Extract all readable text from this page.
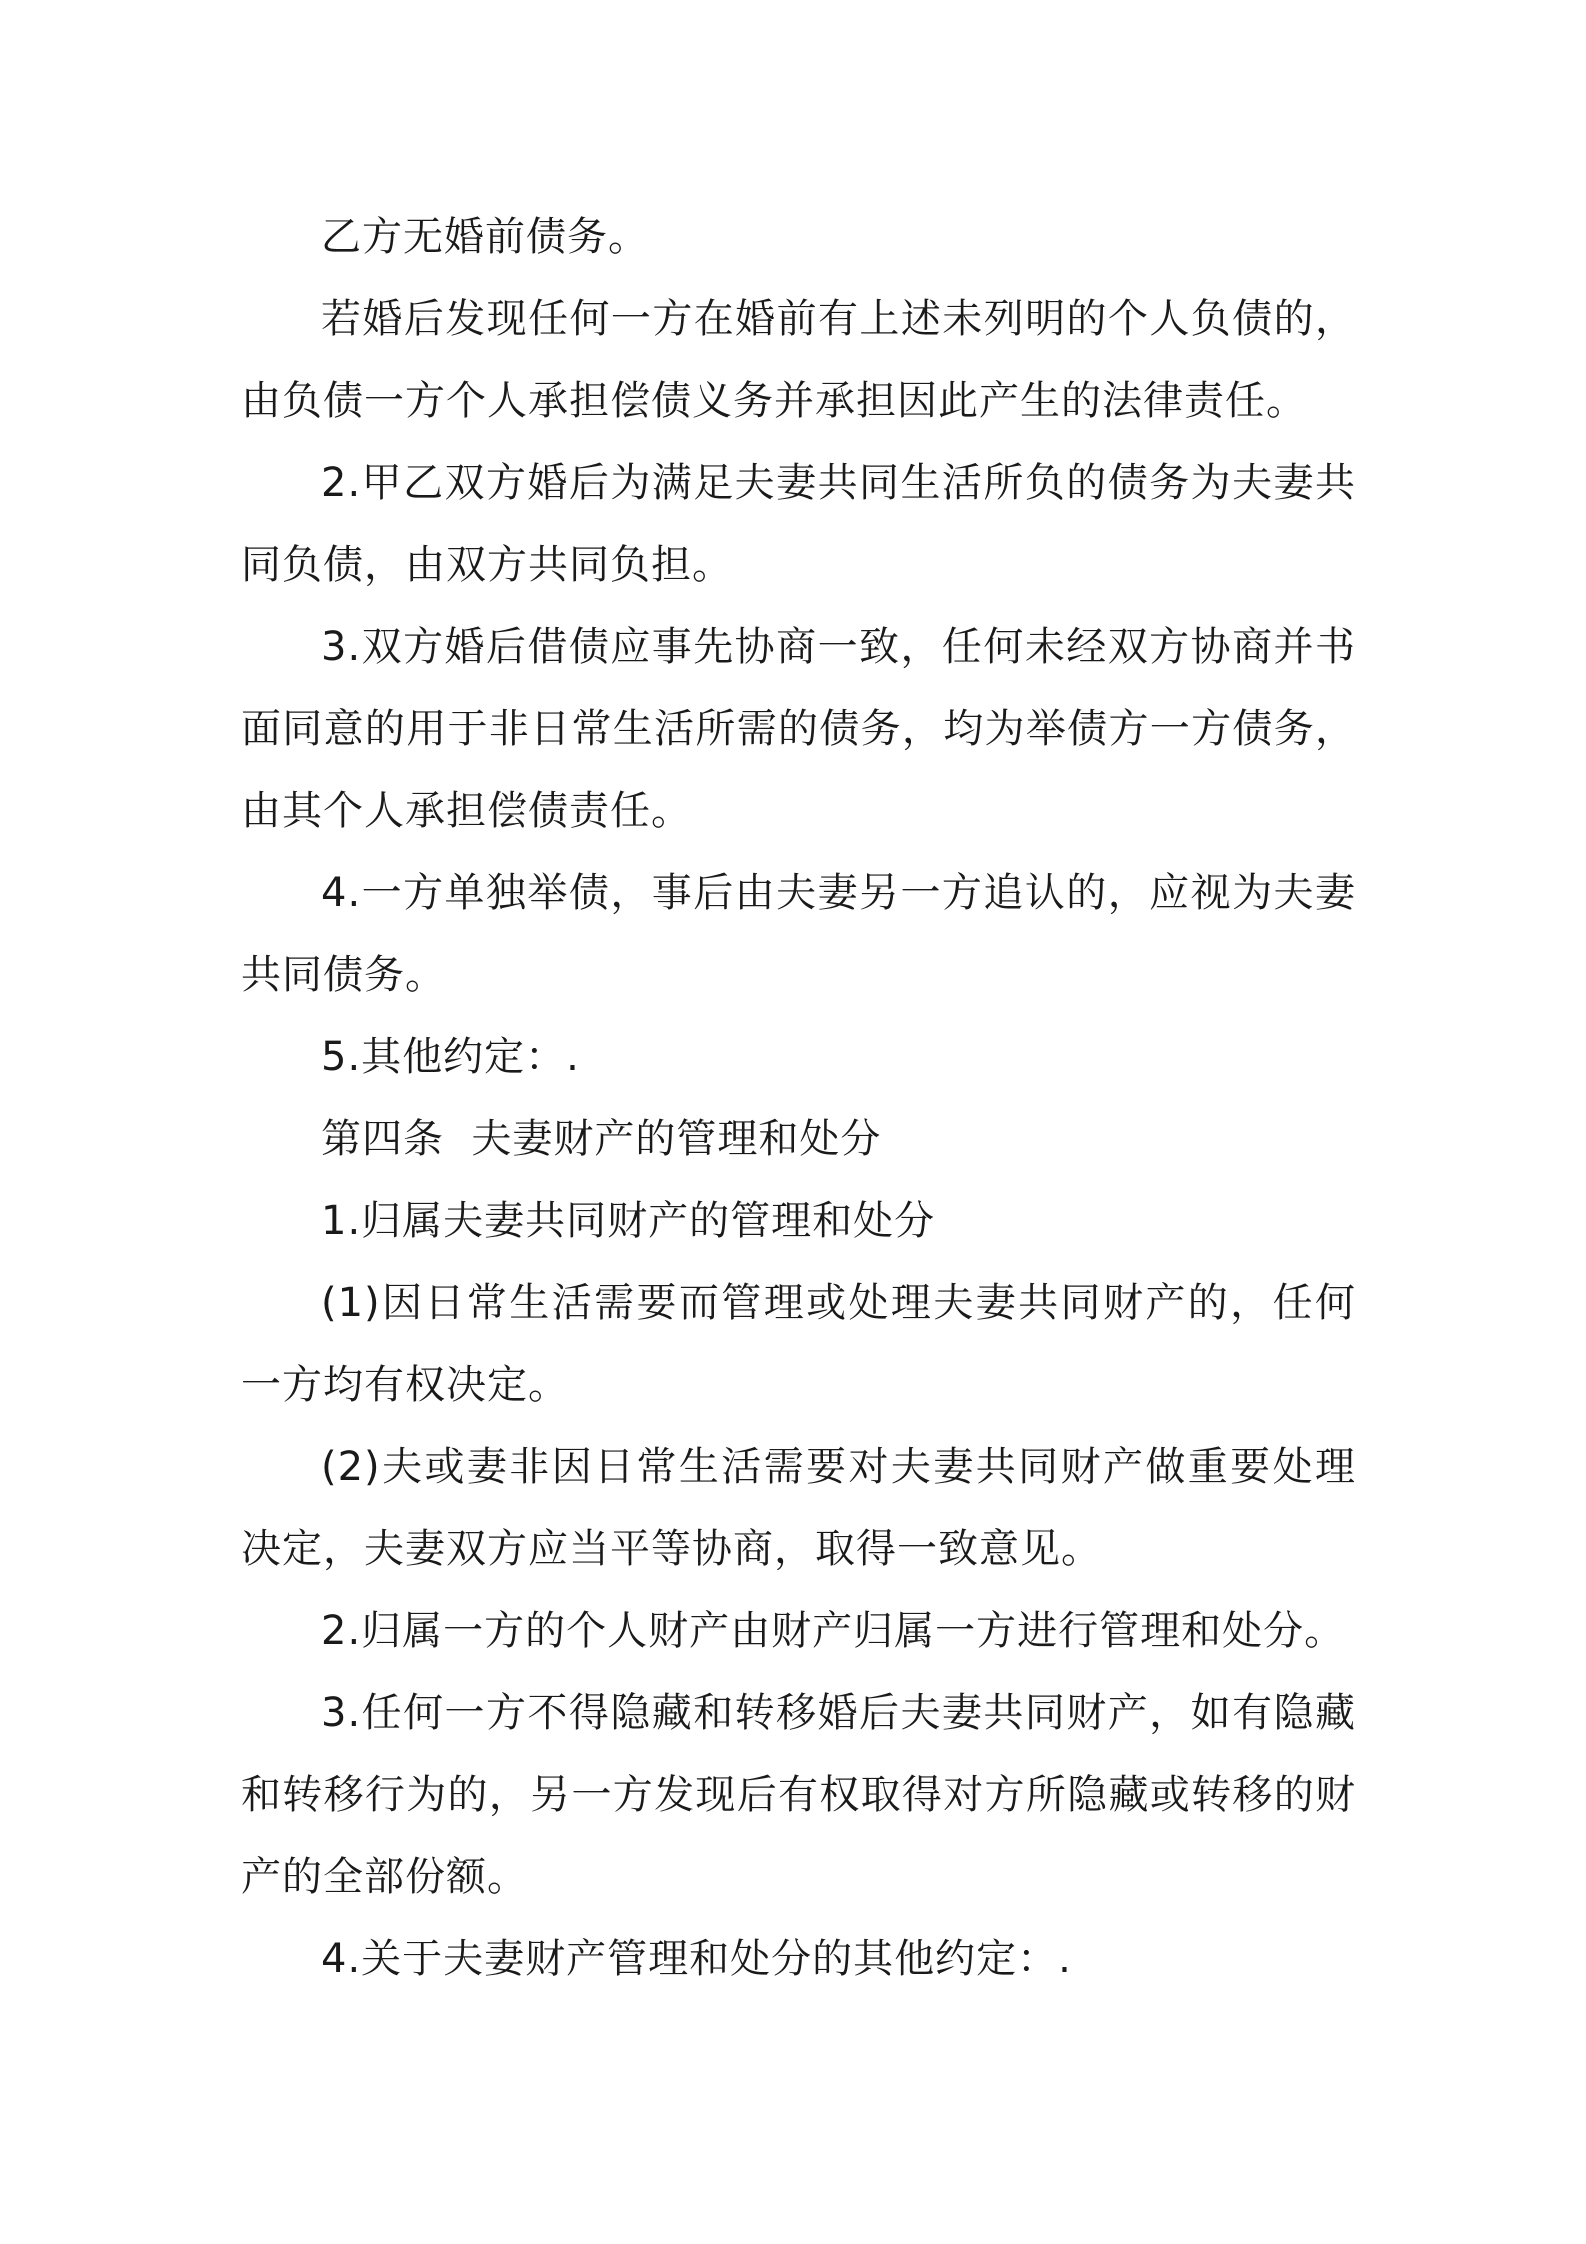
乙方无婚前债务。

若婚后发现任何一方在婚前有上述未列明的个人负债的，由负债一方个人承担偿债义务并承担因此产生的法律责任。

2.甲乙双方婚后为满足夫妻共同生活所负的债务为夫妻共同负债，由双方共同负担。

3.双方婚后借债应事先协商一致，任何未经双方协商并书面同意的用于非日常生活所需的债务，均为举债方一方债务，由其个人承担偿债责任。

4.一方单独举债，事后由夫妻另一方追认的，应视为夫妻共同债务。

5.其他约定：.

第四条  夫妻财产的管理和处分

1.归属夫妻共同财产的管理和处分

(1)因日常生活需要而管理或处理夫妻共同财产的，任何一方均有权决定。

(2)夫或妻非因日常生活需要对夫妻共同财产做重要处理决定，夫妻双方应当平等协商，取得一致意见。

2.归属一方的个人财产由财产归属一方进行管理和处分。

3.任何一方不得隐藏和转移婚后夫妻共同财产，如有隐藏和转移行为的，另一方发现后有权取得对方所隐藏或转移的财产的全部份额。

4.关于夫妻财产管理和处分的其他约定：.
